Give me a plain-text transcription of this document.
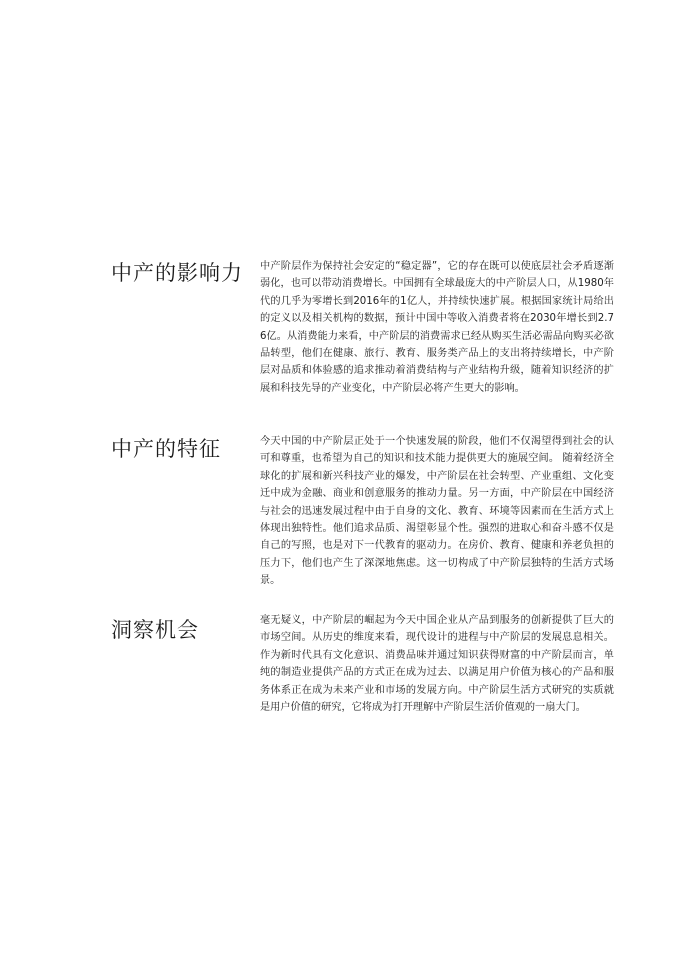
中产的影响力 中产阶层作为保持社会安定的“稳定器”，它的存在既可以使底层社会矛盾逐渐弱化，也可以带动消费增长。中国拥有全球最庞大的中产阶层人口，从1980年代的几乎为零增长到2016年的1亿人，并持续快速扩展。根据国家统计局给出的定义以及相关机构的数据，预计中国中等收入消费者将在2030年增长到2.76亿。从消费能力来看，中产阶层的消费需求已经从购买生活必需品向购买必欲品转型，他们在健康、旅行、教育、服务类产品上的支出将持续增长，中产阶层对品质和体验感的追求推动着消费结构与产业结构升级，随着知识经济的扩展和科技先导的产业变化，中产阶层必将产生更大的影响。

中产的特征	今天中国的中产阶层正处于一个快速发展的阶段，他们不仅渴望得到社会的认可和尊重，也希望为自己的知识和技术能力提供更大的施展空间。 随着经济全球化的扩展和新兴科技产业的爆发，中产阶层在社会转型、产业重组、文化变迁中成为金融、商业和创意服务的推动力量。另一方面，中产阶层在中国经济与社会的迅速发展过程中由于自身的文化、教育、环境等因素而在生活方式上体现出独特性。他们追求品质、渴望彰显个性。强烈的进取心和奋斗感不仅是自己的写照，也是对下一代教育的驱动力。在房价、教育、健康和养老负担的压力下，他们也产生了深深地焦虑。这一切构成了中产阶层独特的生活方式场景。

洞察机会	毫无疑义，中产阶层的崛起为今天中国企业从产品到服务的创新提供了巨大的市场空间。从历史的维度来看，现代设计的进程与中产阶层的发展息息相关。作为新时代具有文化意识、消费品味并通过知识获得财富的中产阶层而言，单纯的制造业提供产品的方式正在成为过去、以满足用户价值为核心的产品和服务体系正在成为未来产业和市场的发展方向。中产阶层生活方式研究的实质就是用户价值的研究，它将成为打开理解中产阶层生活价值观的一扇大门。
